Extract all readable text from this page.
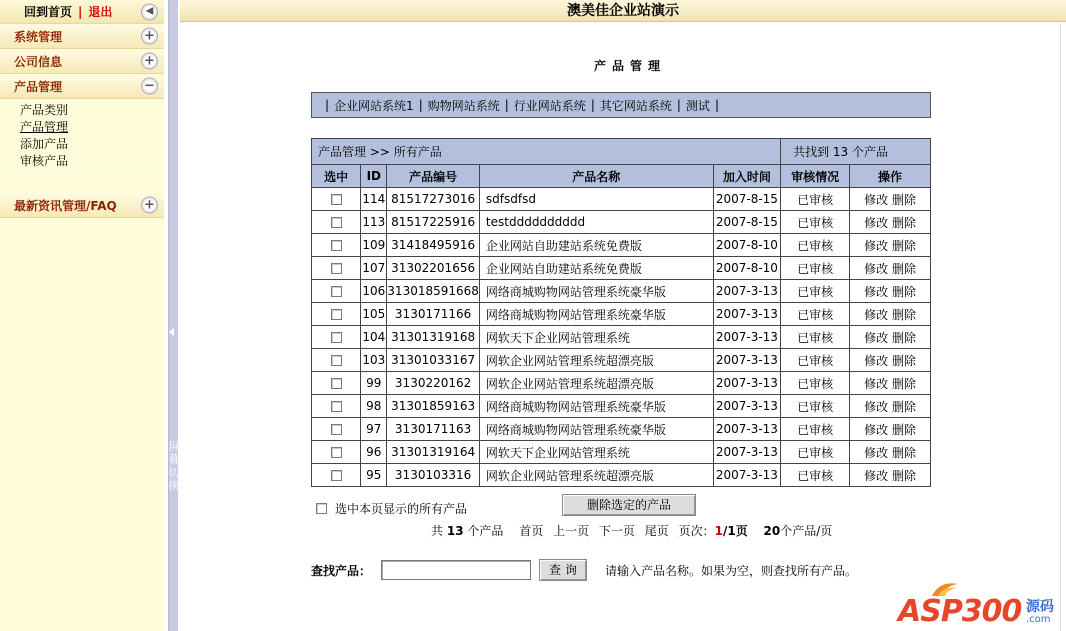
回到首页 | 退出	◀
系统管理	+
公司信息	+
产品管理	−
产品类别
产品管理
添加产品
审核产品
最新资讯管理/FAQ +
屏幕切换
澳美佳企业站演示
产品管理
| 企业网站系统1 | 购物网站系统 | 行业网站系统 | 其它网站系统 | 测试 |
产品管理 >> 所有产品					共找到 13 个产品	
选中	ID	产品编号	产品名称	加入时间	审核情况	操作
	114	81517273016	sdfsdfsd	2007-8-15	已审核	修改 删除
	113	81517225916	testdddddddddd	2007-8-15	已审核	修改 删除
	109	31418495916	企业网站自助建站系统免费版	2007-8-10	已审核	修改 删除
	107	31302201656	企业网站自助建站系统免费版	2007-8-10	已审核	修改 删除
	106	313018591668	网络商城购物网站管理系统豪华版	2007-3-13	已审核	修改 删除
	105	3130171166	网络商城购物网站管理系统豪华版	2007-3-13	已审核	修改 删除
	104	31301319168	网软天下企业网站管理系统	2007-3-13	已审核	修改 删除
	103	31301033167	网软企业网站管理系统超漂亮版	2007-3-13	已审核	修改 删除
	99	3130220162	网软企业网站管理系统超漂亮版	2007-3-13	已审核	修改 删除
	98	31301859163	网络商城购物网站管理系统豪华版	2007-3-13	已审核	修改 删除
	97	3130171163	网络商城购物网站管理系统豪华版	2007-3-13	已审核	修改 删除
	96	31301319164	网软天下企业网站管理系统	2007-3-13	已审核	修改 删除
	95	3130103316	网软企业网站管理系统超漂亮版	2007-3-13	已审核	修改 删除
选中本页显示的所有产品	删除选定的产品
共 13 个产品 首页 上一页 下一页 尾页 页次：1/1页 20个产品/页
查找产品：	查询	请输入产品名称。如果为空，则查找所有产品。
ASP300 源码
.com
